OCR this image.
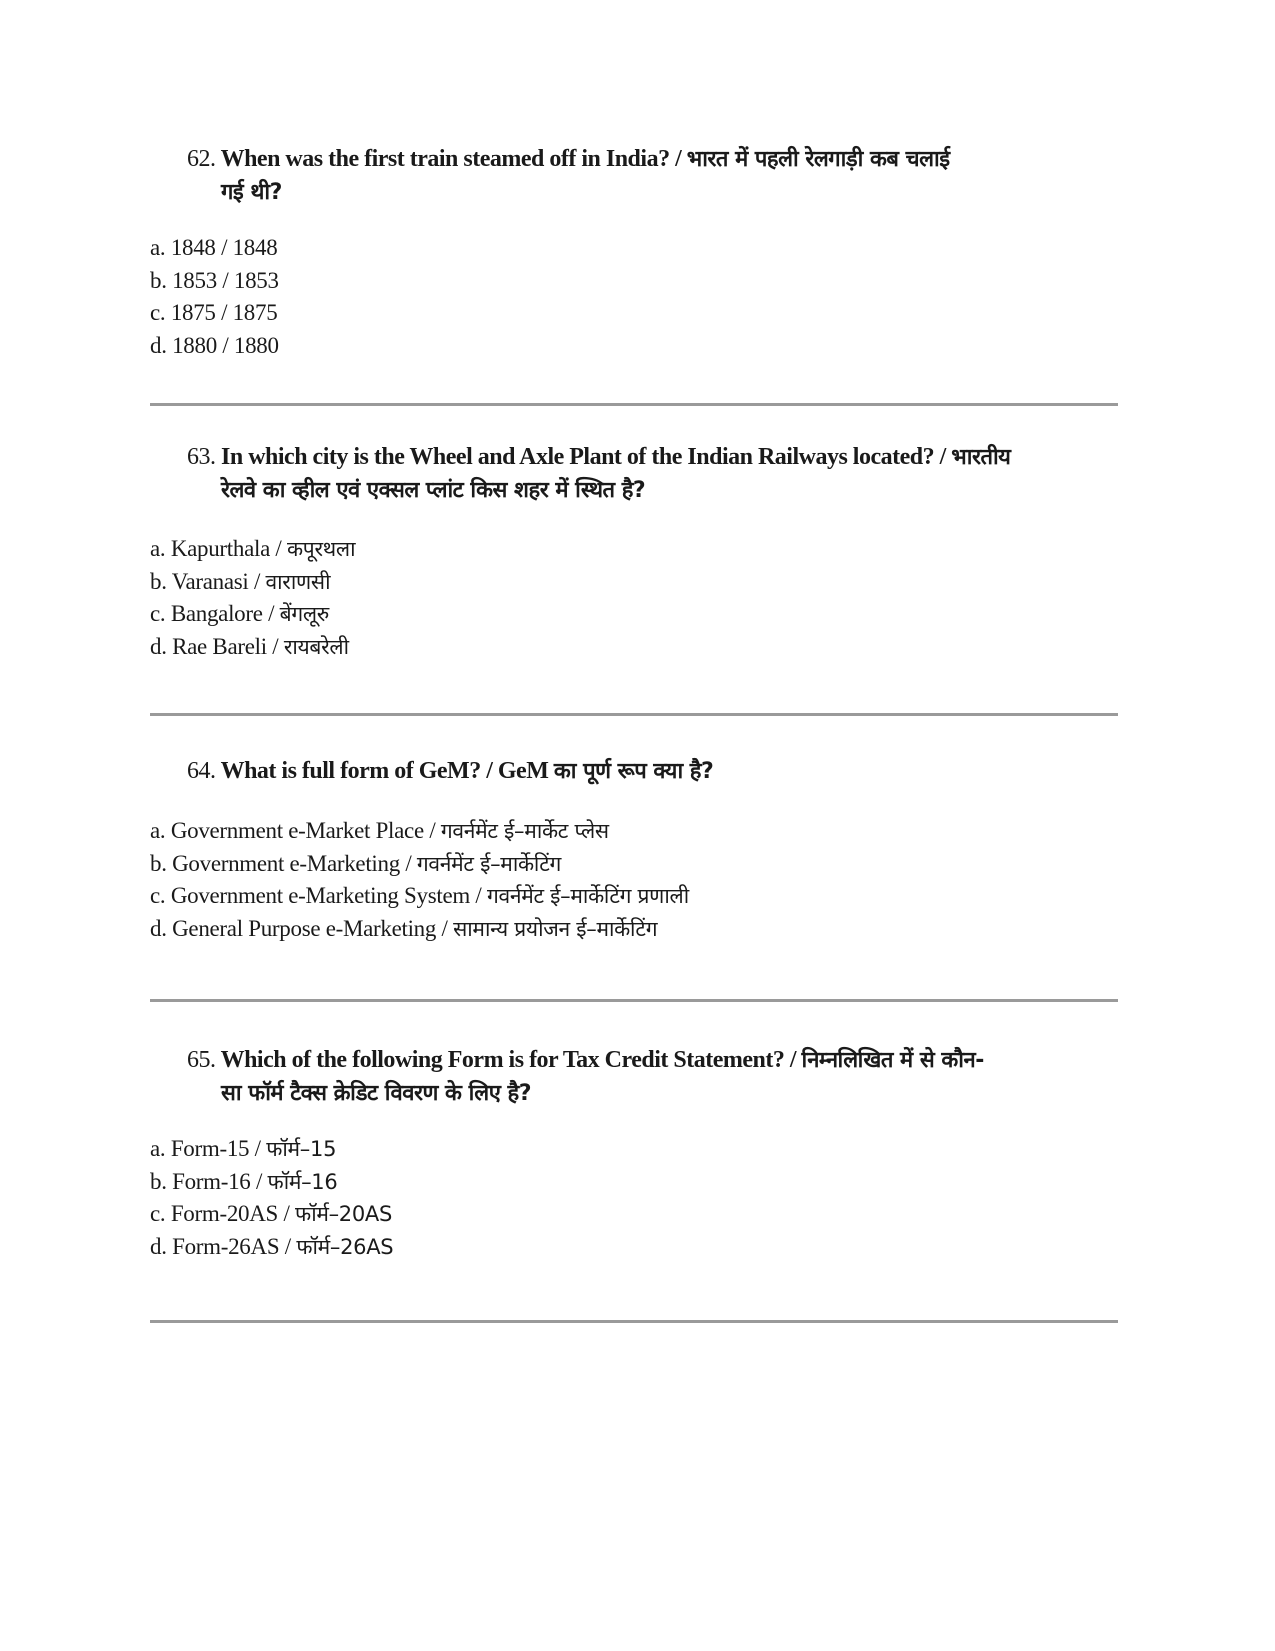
62. When was the first train steamed off in India? / भारत में पहली रेलगाड़ी कब चलाई
गई थी?
a. 1848 / 1848
b. 1853 / 1853
c. 1875 / 1875
d. 1880 / 1880
63. In which city is the Wheel and Axle Plant of the Indian Railways located? / भारतीय
रेलवे का व्हील एवं एक्सल प्लांट किस शहर में स्थित है?
a. Kapurthala / कपूरथला
b. Varanasi / वाराणसी
c. Bangalore / बेंगलूरु
d. Rae Bareli / रायबरेली
64. What is full form of GeM? / GeM का पूर्ण रूप क्या है?
a. Government e-Market Place / गवर्नमेंट ई–मार्केट प्लेस
b. Government e-Marketing / गवर्नमेंट ई–मार्केटिंग
c. Government e-Marketing System / गवर्नमेंट ई–मार्केटिंग प्रणाली
d. General Purpose e-Marketing / सामान्य प्रयोजन ई–मार्केटिंग
65. Which of the following Form is for Tax Credit Statement? / निम्नलिखित में से कौन-
सा फॉर्म टैक्स क्रेडिट विवरण के लिए है?
a. Form-15 / फॉर्म–15
b. Form-16 / फॉर्म–16
c. Form-20AS / फॉर्म–20AS
d. Form-26AS / फॉर्म–26AS
